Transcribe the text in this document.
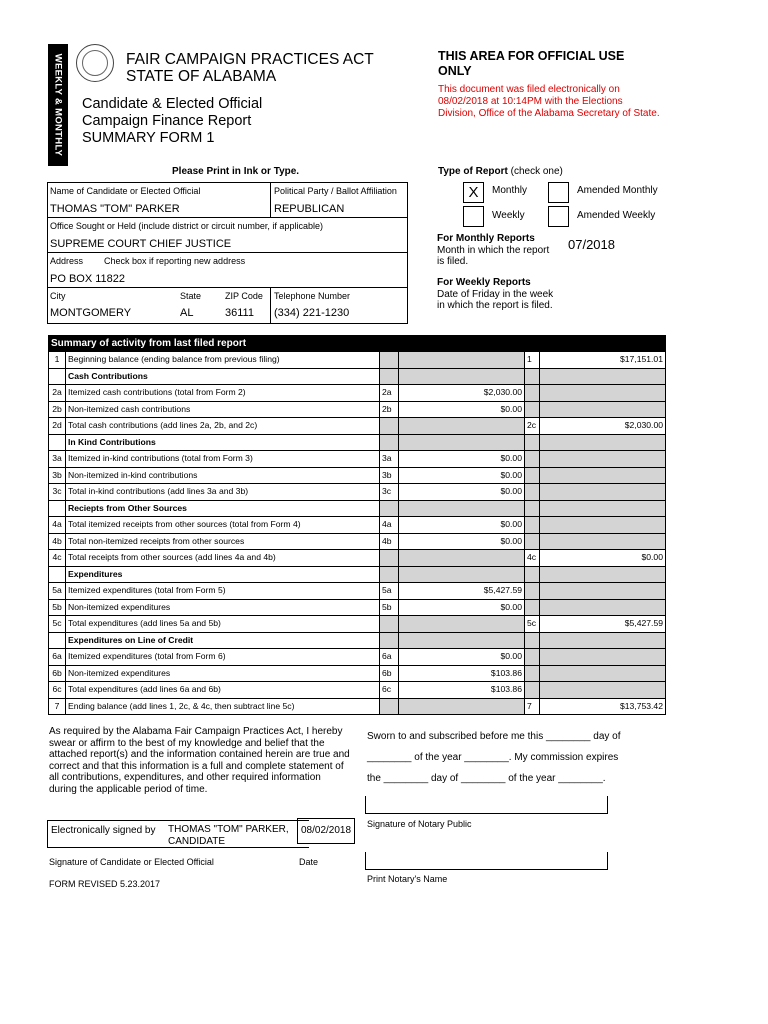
WEEKLY & MONTHLY	FAIR CAMPAIGN PRACTICES ACT
STATE OF ALABAMA
Candidate & Elected Official
Campaign Finance Report
SUMMARY FORM 1
THIS AREA FOR OFFICIAL USE
ONLY
This document was filed electronically on
08/02/2018 at 10:14PM with the Elections
Division, Office of the Alabama Secretary of State.
Please Print in Ink or Type.
Name of Candidate or Elected Official
THOMAS "TOM" PARKER
Political Party / Ballot Affiliation
REPUBLICAN
Office Sought or Held (include district or circuit number, if applicable)
SUPREME COURT CHIEF JUSTICE
Address Check box if reporting new address
PO BOX 11822
City
MONTGOMERY
State
AL
ZIP Code
36111
Telephone Number
(334) 221-1230
Type of Report (check one)
X	Monthly	Amended Monthly
Weekly	Amended Weekly
For Monthly Reports
Month in which the report
is filed.
07/2018
For Weekly Reports
Date of Friday in the week
in which the report is filed.
Summary of activity from last filed report					
1	Beginning balance (ending balance from previous filing)			1	$17,151.01
	Cash Contributions				
2a	Itemized cash contributions (total from Form 2)	2a	$2,030.00		
2b	Non-itemized cash contributions	2b	$0.00		
2d	Total cash contributions (add lines 2a, 2b, and 2c)			2c	$2,030.00
	In Kind Contributions				
3a	Itemized in-kind contributions (total from Form 3)	3a	$0.00		
3b	Non-itemized in-kind contributions	3b	$0.00		
3c	Total in-kind contributions (add lines 3a and 3b)	3c	$0.00		
	Reciepts from Other Sources				
4a	Total itemized receipts from other sources (total from Form 4)	4a	$0.00		
4b	Total non-itemized receipts from other sources	4b	$0.00		
4c	Total receipts from other sources (add lines 4a and 4b)			4c	$0.00
	Expenditures				
5a	Itemized expenditures (total from Form 5)	5a	$5,427.59		
5b	Non-itemized expenditures	5b	$0.00		
5c	Total expenditures (add lines 5a and 5b)			5c	$5,427.59
	Expenditures on Line of Credit				
6a	Itemized expenditures (total from Form 6)	6a	$0.00		
6b	Non-itemized expenditures	6b	$103.86		
6c	Total expenditures (add lines 6a and 6b)	6c	$103.86		
7	Ending balance (add lines 1, 2c, & 4c, then subtract line 5c)			7	$13,753.42
As required by the Alabama Fair Campaign Practices Act, I hereby
swear or affirm to the best of my knowledge and belief that the
attached report(s) and the information contained herein are true and
correct and that this information is a full and complete statement of
all contributions, expenditures, and other required information
during the applicable period of time.
Sworn to and subscribed before me this ________ day of
________ of the year ________. My commission expires
the ________ day of ________ of the year ________.
Electronically signed by THOMAS "TOM" PARKER,
CANDIDATE
08/02/2018
Signature of Candidate or Elected Official	Date
Signature of Notary Public
Print Notary's Name
FORM REVISED 5.23.2017
